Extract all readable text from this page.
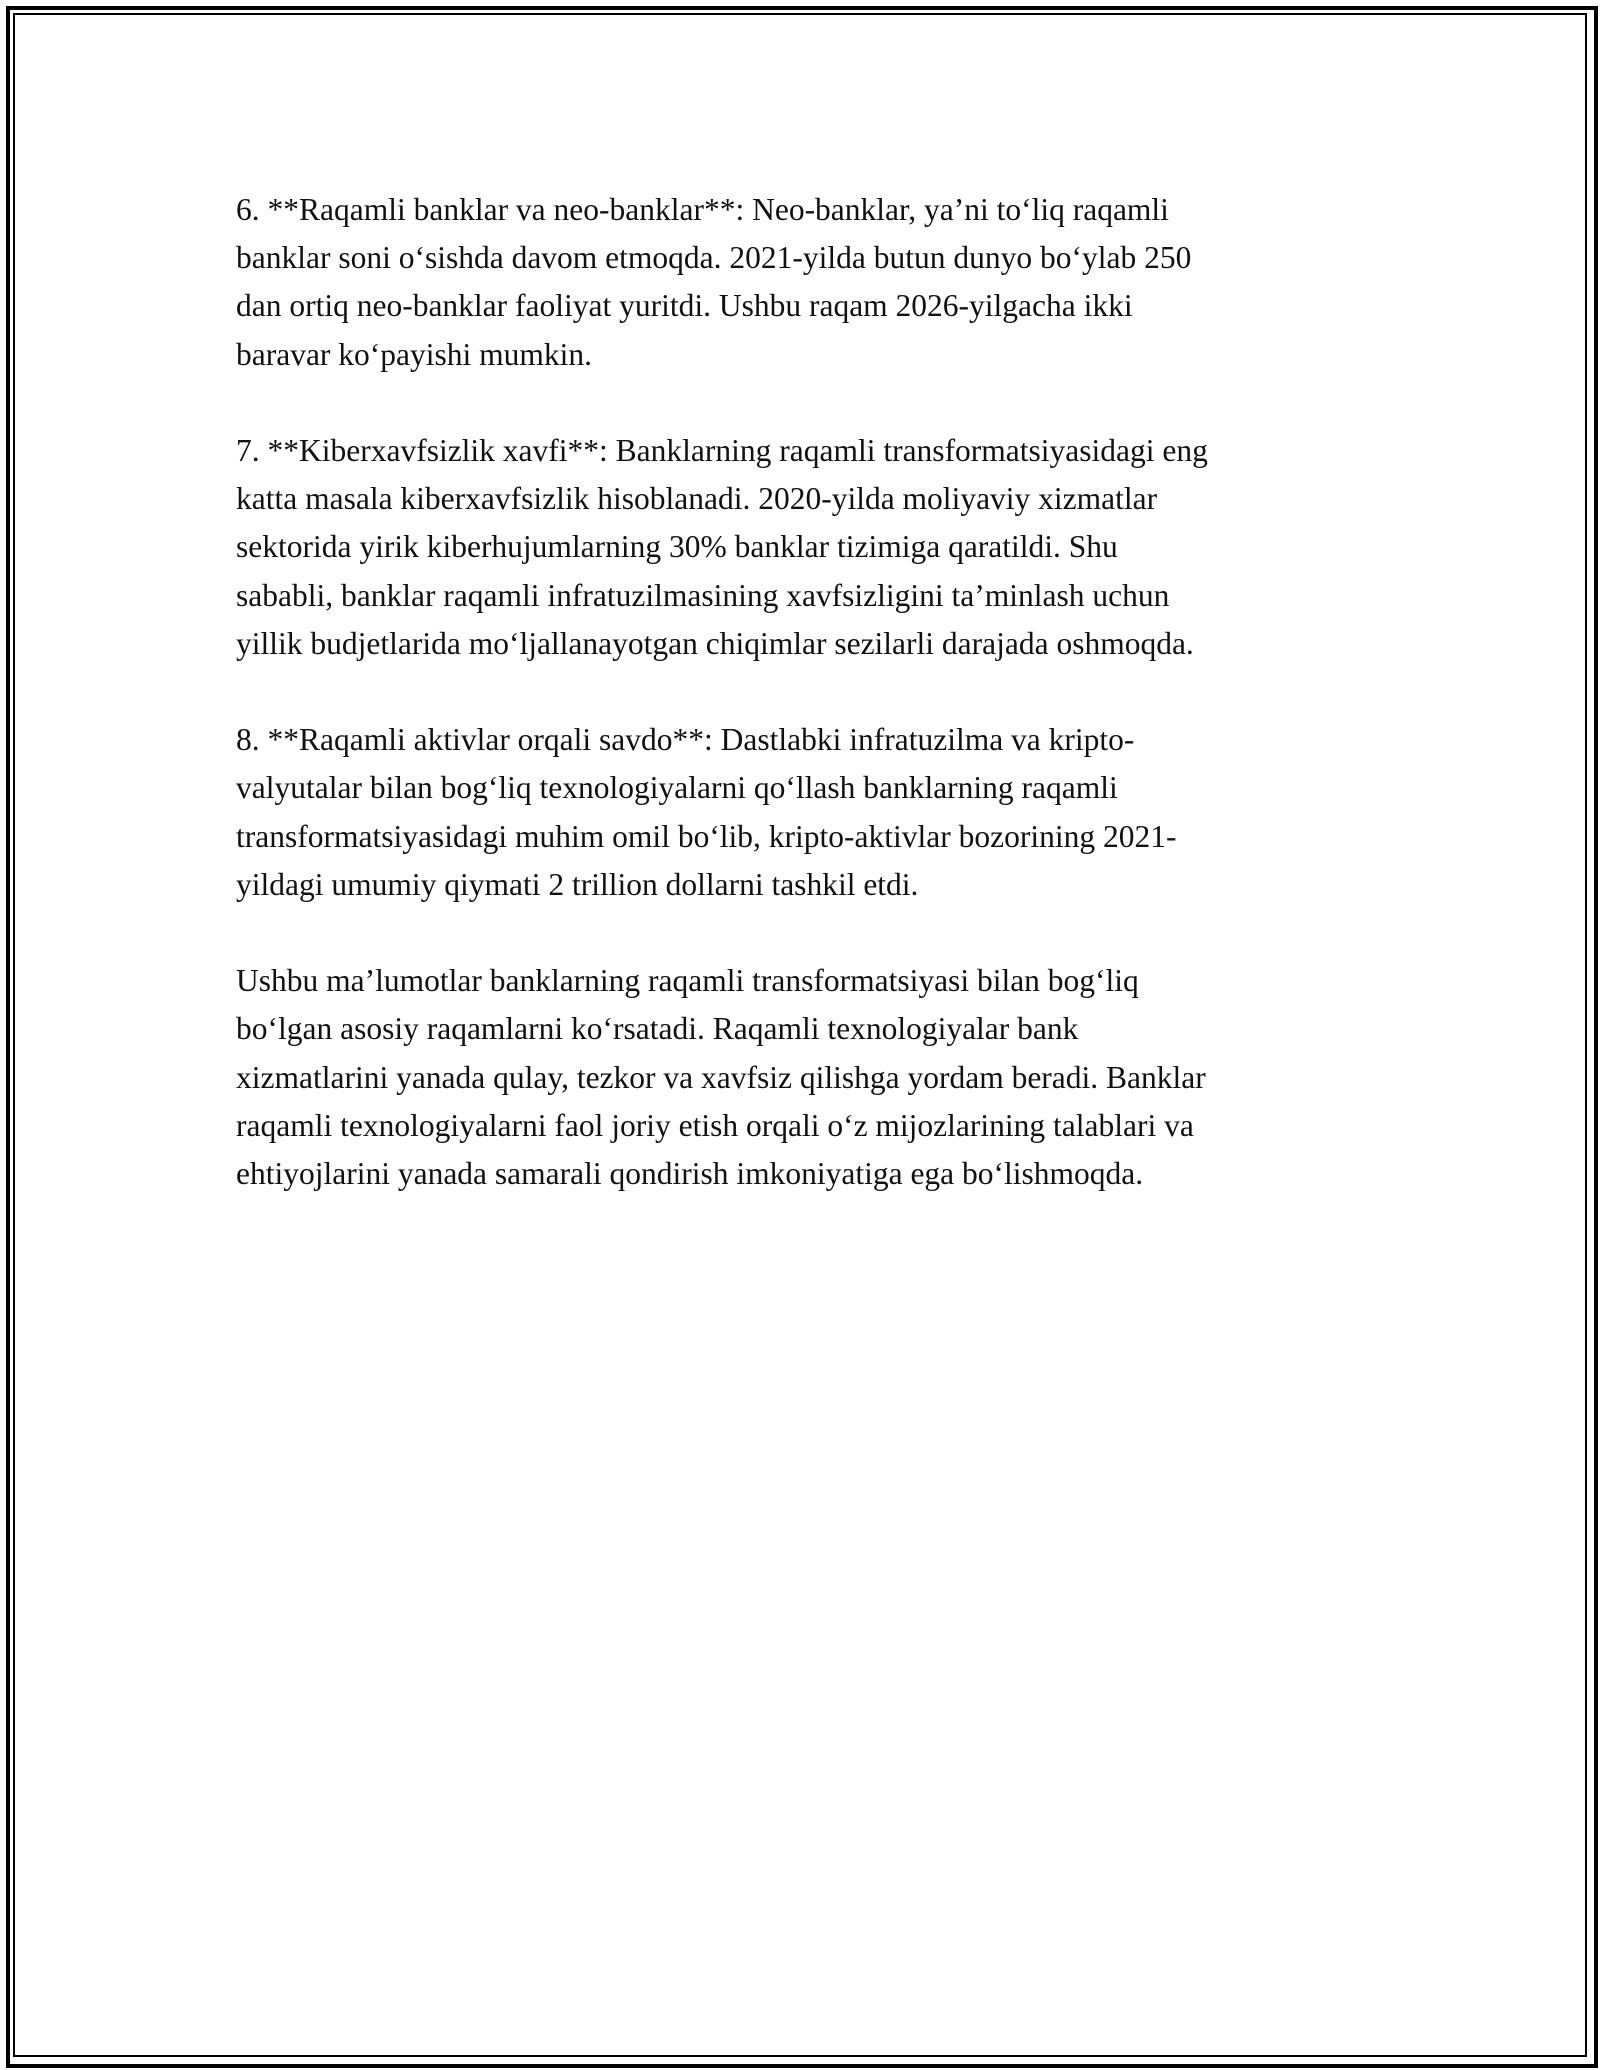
6. **Raqamli banklar va neo-banklar**: Neo-banklar, ya’ni to‘liq raqamli
banklar soni o‘sishda davom etmoqda. 2021-yilda butun dunyo bo‘ylab 250
dan ortiq neo-banklar faoliyat yuritdi. Ushbu raqam 2026-yilgacha ikki
baravar ko‘payishi mumkin.

7. **Kiberxavfsizlik xavfi**: Banklarning raqamli transformatsiyasidagi eng
katta masala kiberxavfsizlik hisoblanadi. 2020-yilda moliyaviy xizmatlar
sektorida yirik kiberhujumlarning 30% banklar tizimiga qaratildi. Shu
sababli, banklar raqamli infratuzilmasining xavfsizligini ta’minlash uchun
yillik budjetlarida mo‘ljallanayotgan chiqimlar sezilarli darajada oshmoqda.

8. **Raqamli aktivlar orqali savdo**: Dastlabki infratuzilma va kripto-
valyutalar bilan bog‘liq texnologiyalarni qo‘llash banklarning raqamli
transformatsiyasidagi muhim omil bo‘lib, kripto-aktivlar bozorining 2021-
yildagi umumiy qiymati 2 trillion dollarni tashkil etdi.

Ushbu ma’lumotlar banklarning raqamli transformatsiyasi bilan bog‘liq
bo‘lgan asosiy raqamlarni ko‘rsatadi. Raqamli texnologiyalar bank
xizmatlarini yanada qulay, tezkor va xavfsiz qilishga yordam beradi. Banklar
raqamli texnologiyalarni faol joriy etish orqali o‘z mijozlarining talablari va
ehtiyojlarini yanada samarali qondirish imkoniyatiga ega bo‘lishmoqda.
